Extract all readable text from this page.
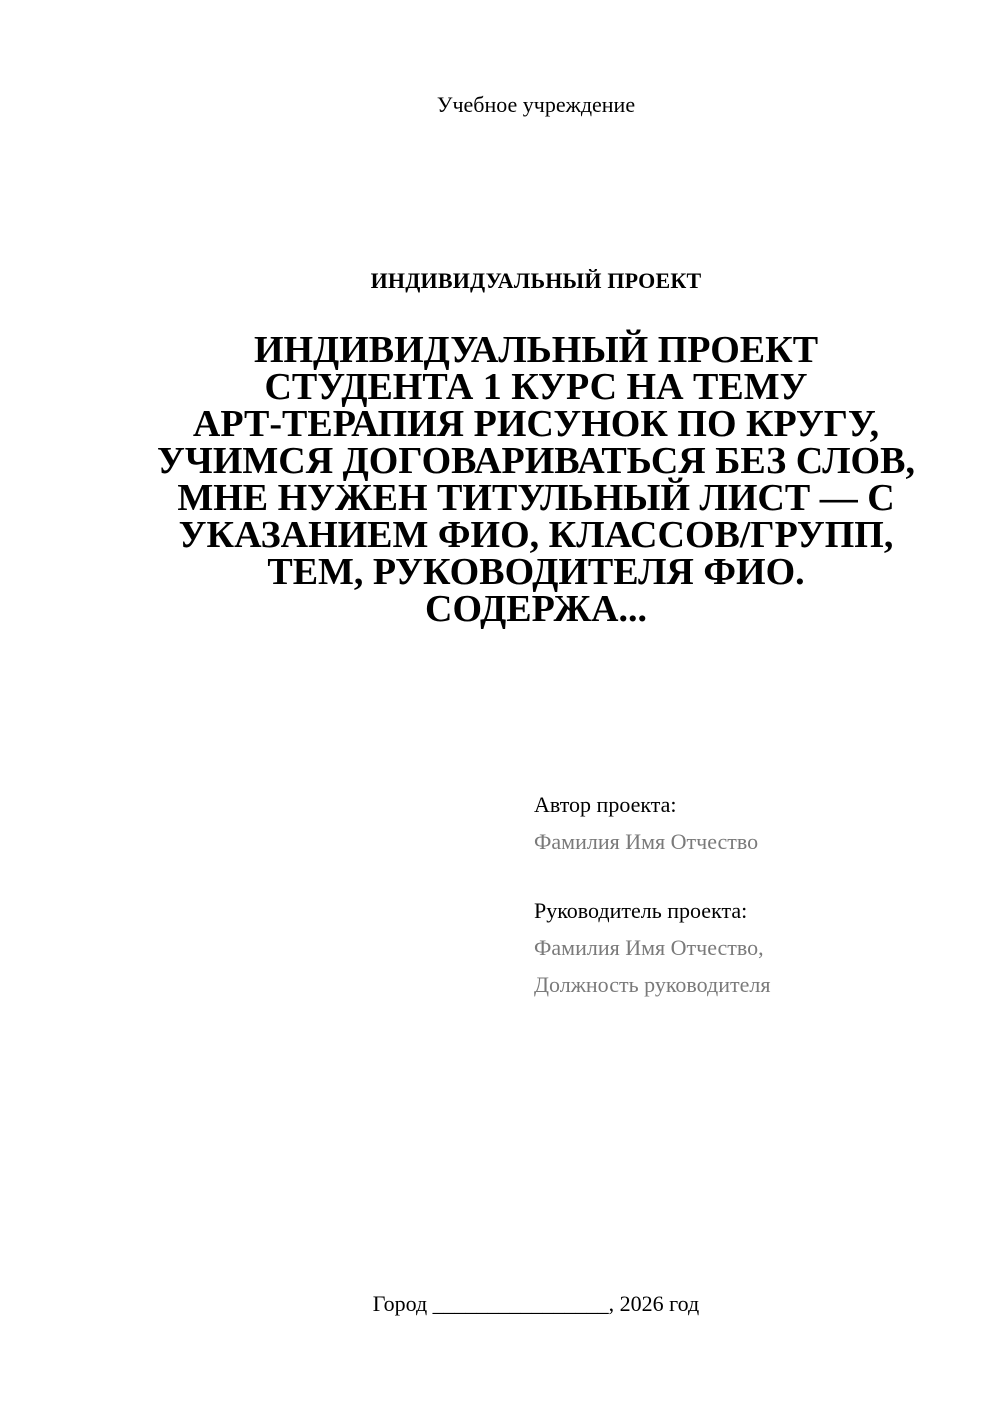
Учебное учреждение
ИНДИВИДУАЛЬНЫЙ ПРОЕКТ
ИНДИВИДУАЛЬНЫЙ ПРОЕКТ
СТУДЕНТА 1 КУРС НА ТЕМУ
АРТ-ТЕРАПИЯ РИСУНОК ПО КРУГУ,
УЧИМСЯ ДОГОВАРИВАТЬСЯ БЕЗ СЛОВ,
МНЕ НУЖЕН ТИТУЛЬНЫЙ ЛИСТ — С
УКАЗАНИЕМ ФИО, КЛАССОВ/ГРУПП,
ТЕМ, РУКОВОДИТЕЛЯ ФИО.
СОДЕРЖА...
Автор проекта:
Фамилия Имя Отчество
Руководитель проекта:
Фамилия Имя Отчество,
Должность руководителя
Город ________________, 2026 год
